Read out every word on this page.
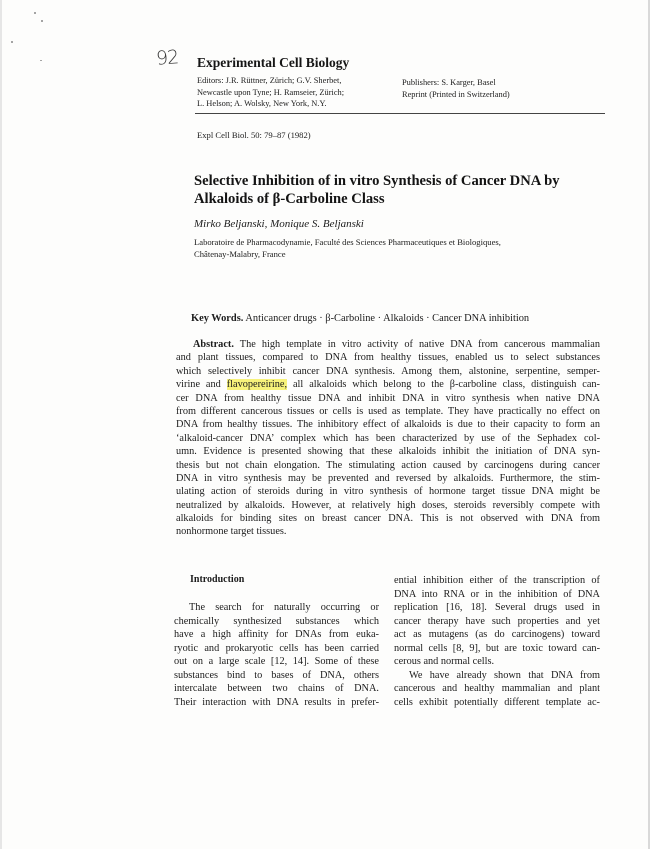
92 Experimental Cell Biology
Editors: J.R. Rüttner, Zürich; G.V. Sherbet,
Newcastle upon Tyne; H. Ramseier, Zürich;
L. Helson; A. Wolsky, New York, N.Y.
Publishers: S. Karger, Basel
Reprint (Printed in Switzerland)
Expl Cell Biol. 50: 79–87 (1982)
Selective Inhibition of in vitro Synthesis of Cancer DNA by
Alkaloids of β-Carboline Class
Mirko Beljanski, Monique S. Beljanski
Laboratoire de Pharmacodynamie, Faculté des Sciences Pharmaceutiques et Biologiques,
Châtenay-Malabry, France
Key Words. Anticancer drugs · β-Carboline · Alkaloids · Cancer DNA inhibition
Abstract. The high template in vitro activity of native DNA from cancerous mammalian
and plant tissues, compared to DNA from healthy tissues, enabled us to select substances
which selectively inhibit cancer DNA synthesis. Among them, alstonine, serpentine, semper-
virine and flavopereirine, all alkaloids which belong to the β-carboline class, distinguish can-
cer DNA from healthy tissue DNA and inhibit DNA in vitro synthesis when native DNA
from different cancerous tissues or cells is used as template. They have practically no effect on
DNA from healthy tissues. The inhibitory effect of alkaloids is due to their capacity to form an
‘alkaloid-cancer DNA’ complex which has been characterized by use of the Sephadex col-
umn. Evidence is presented showing that these alkaloids inhibit the initiation of DNA syn-
thesis but not chain elongation. The stimulating action caused by carcinogens during cancer
DNA in vitro synthesis may be prevented and reversed by alkaloids. Furthermore, the stim-
ulating action of steroids during in vitro synthesis of hormone target tissue DNA might be
neutralized by alkaloids. However, at relatively high doses, steroids reversibly compete with
alkaloids for binding sites on breast cancer DNA. This is not observed with DNA from
nonhormone target tissues.
Introduction
The search for naturally occurring or
chemically synthesized substances which
have a high affinity for DNAs from euka-
ryotic and prokaryotic cells has been carried
out on a large scale [12, 14]. Some of these
substances bind to bases of DNA, others
intercalate between two chains of DNA.
Their interaction with DNA results in prefer-
ential inhibition either of the transcription of
DNA into RNA or in the inhibition of DNA
replication [16, 18]. Several drugs used in
cancer therapy have such properties and yet
act as mutagens (as do carcinogens) toward
normal cells [8, 9], but are toxic toward can-
cerous and normal cells.
We have already shown that DNA from
cancerous and healthy mammalian and plant
cells exhibit potentially different template ac-
